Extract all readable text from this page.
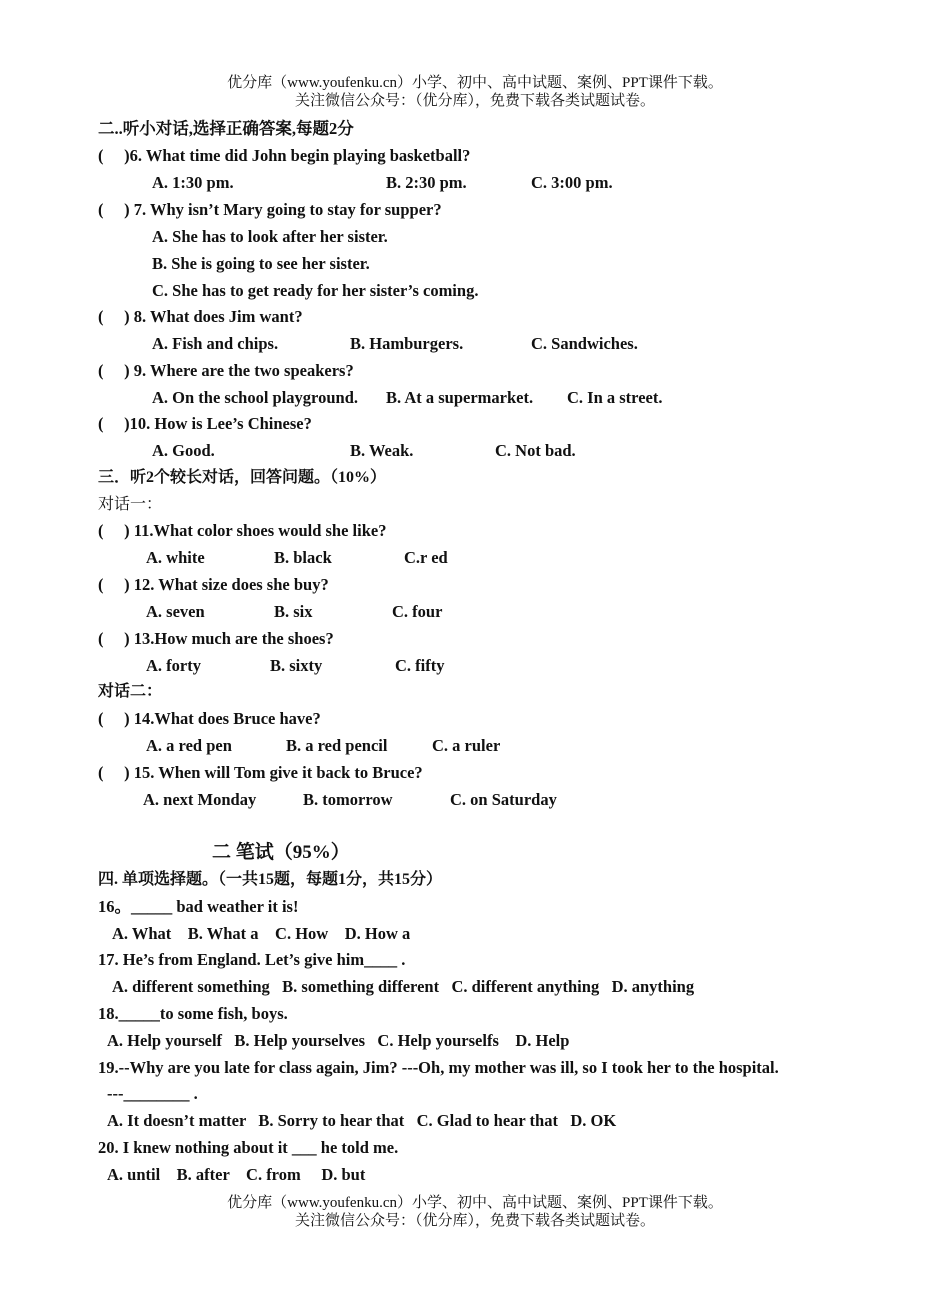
优分库（www.youfenku.cn）小学、初中、高中试题、案例、PPT课件下载。
关注微信公众号：（优分库），免费下载各类试题试卷。
二..听小对话,选择正确答案,每题2分
(     )6. What time did John begin playing basketball?
A. 1:30 pm.	B. 2:30 pm.	C. 3:00 pm.
(     ) 7. Why isn’t Mary going to stay for supper?
A. She has to look after her sister.
B. She is going to see her sister.
C. She has to get ready for her sister’s coming.
(     ) 8. What does Jim want?
A. Fish and chips.	B. Hamburgers.	C. Sandwiches.
(     ) 9. Where are the two speakers?
A. On the school playground. B. At a supermarket. C. In a street.
(     )10. How is Lee’s Chinese?
A. Good.	B. Weak.	C. Not bad.
三．听2个较长对话，回答问题。（10%）
对话一：
(     ) 11.What color shoes would she like?
A. white	B. black	C.r ed
(     ) 12. What size does she buy?
A. seven	B. six	C. four
(     ) 13.How much are the shoes?
A. forty	B. sixty	C. fifty
对话二：
(     ) 14.What does Bruce have?
A. a red pen	B. a red pencil	C. a ruler
(     ) 15. When will Tom give it back to Bruce?
A. next Monday	B. tomorrow	C. on Saturday
二 笔试（95%）
四. 单项选择题。（一共15题，每题1分，共15分）
16。_____ bad weather it is!
A. What    B. What a    C. How    D. How a
17. He’s from England. Let’s give him____ .
A. different something   B. something different   C. different anything   D. anything
18._____to some fish, boys.
A. Help yourself   B. Help yourselves   C. Help yourselfs    D. Help
19.--Why are you late for class again, Jim? ---Oh, my mother was ill, so I took her to the hospital.
---________ .
A. It doesn’t matter   B. Sorry to hear that   C. Glad to hear that   D. OK
20. I knew nothing about it ___ he told me.
A. until    B. after    C. from     D. but
优分库（www.youfenku.cn）小学、初中、高中试题、案例、PPT课件下载。
关注微信公众号：（优分库），免费下载各类试题试卷。
